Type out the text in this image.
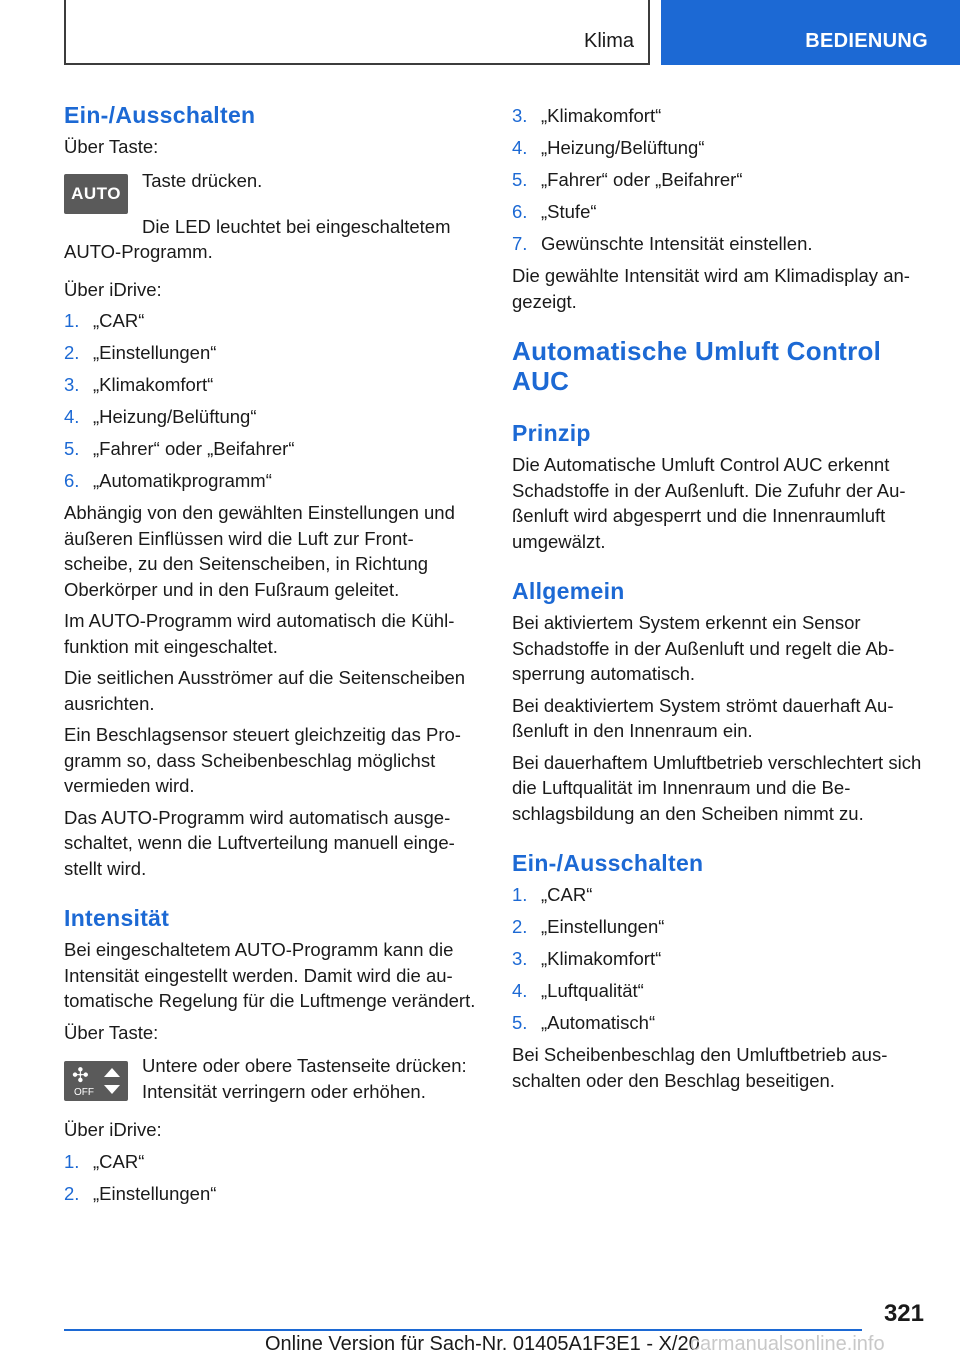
Klima	BEDIENUNG
Ein-/Ausschalten
Über Taste:
AUTO
Taste drücken.
Die LED leuchtet bei eingeschaltetem AUTO-Programm.
Über iDrive:
1. „CAR“
2. „Einstellungen“
3. „Klimakomfort“
4. „Heizung/Belüftung“
5. „Fahrer“ oder „Beifahrer“
6. „Automatikprogramm“
Abhängig von den gewählten Einstellungen und äußeren Einflüssen wird die Luft zur Frontscheibe, zu den Seitenscheiben, in Richtung Oberkörper und in den Fußraum geleitet.
Im AUTO-Programm wird automatisch die Kühlfunktion mit eingeschaltet.
Die seitlichen Ausströmer auf die Seitenscheiben ausrichten.
Ein Beschlagsensor steuert gleichzeitig das Programm so, dass Scheibenbeschlag möglichst vermieden wird.
Das AUTO-Programm wird automatisch ausgeschaltet, wenn die Luftverteilung manuell eingestellt wird.
Intensität
Bei eingeschaltetem AUTO-Programm kann die Intensität eingestellt werden. Damit wird die automatische Regelung für die Luftmenge verändert.
Über Taste:
✣
OFF
Untere oder obere Tastenseite drücken: Intensität verringern oder erhöhen.
Über iDrive:
1. „CAR“
2. „Einstellungen“
3. „Klimakomfort“
4. „Heizung/Belüftung“
5. „Fahrer“ oder „Beifahrer“
6. „Stufe“
7. Gewünschte Intensität einstellen.
Die gewählte Intensität wird am Klimadisplay angezeigt.
Automatische Umluft Control AUC
Prinzip
Die Automatische Umluft Control AUC erkennt Schadstoffe in der Außenluft. Die Zufuhr der Außenluft wird abgesperrt und die Innenraumluft umgewälzt.
Allgemein
Bei aktiviertem System erkennt ein Sensor Schadstoffe in der Außenluft und regelt die Absperrung automatisch.
Bei deaktiviertem System strömt dauerhaft Außenluft in den Innenraum ein.
Bei dauerhaftem Umluftbetrieb verschlechtert sich die Luftqualität im Innenraum und die Beschlagsbildung an den Scheiben nimmt zu.
Ein-/Ausschalten
1. „CAR“
2. „Einstellungen“
3. „Klimakomfort“
4. „Luftqualität“
5. „Automatisch“
Bei Scheibenbeschlag den Umluftbetrieb ausschalten oder den Beschlag beseitigen.
321
Online Version für Sach-Nr. 01405A1F3E1 - X/20
carmanualsonline.info
